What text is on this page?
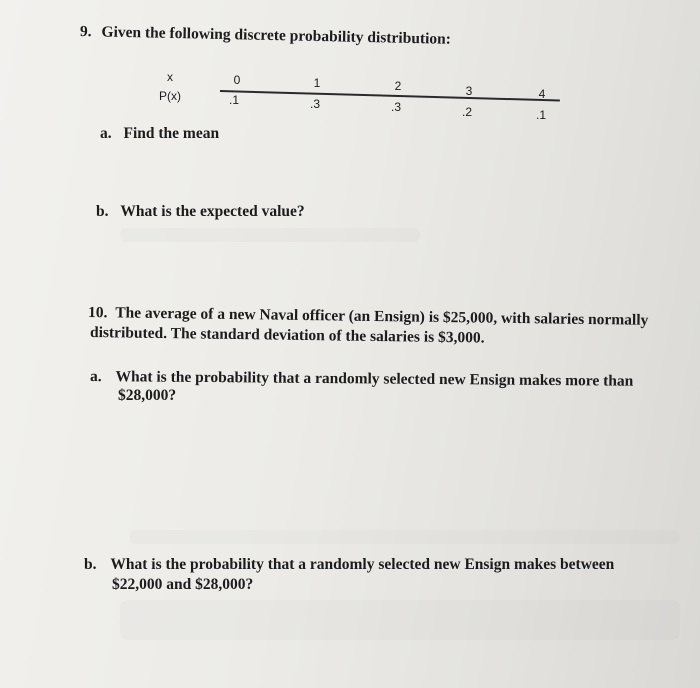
9. Given the following discrete probability distribution:
x
P(x)
0
.1
1
.3
2
.3
3
.2
4
.1
a. Find the mean
b. What is the expected value?
10. The average of a new Naval officer (an Ensign) is $25,000, with salaries normally
distributed. The standard deviation of the salaries is $3,000.
a. What is the probability that a randomly selected new Ensign makes more than
$28,000?
b. What is the probability that a randomly selected new Ensign makes between
$22,000 and $28,000?
